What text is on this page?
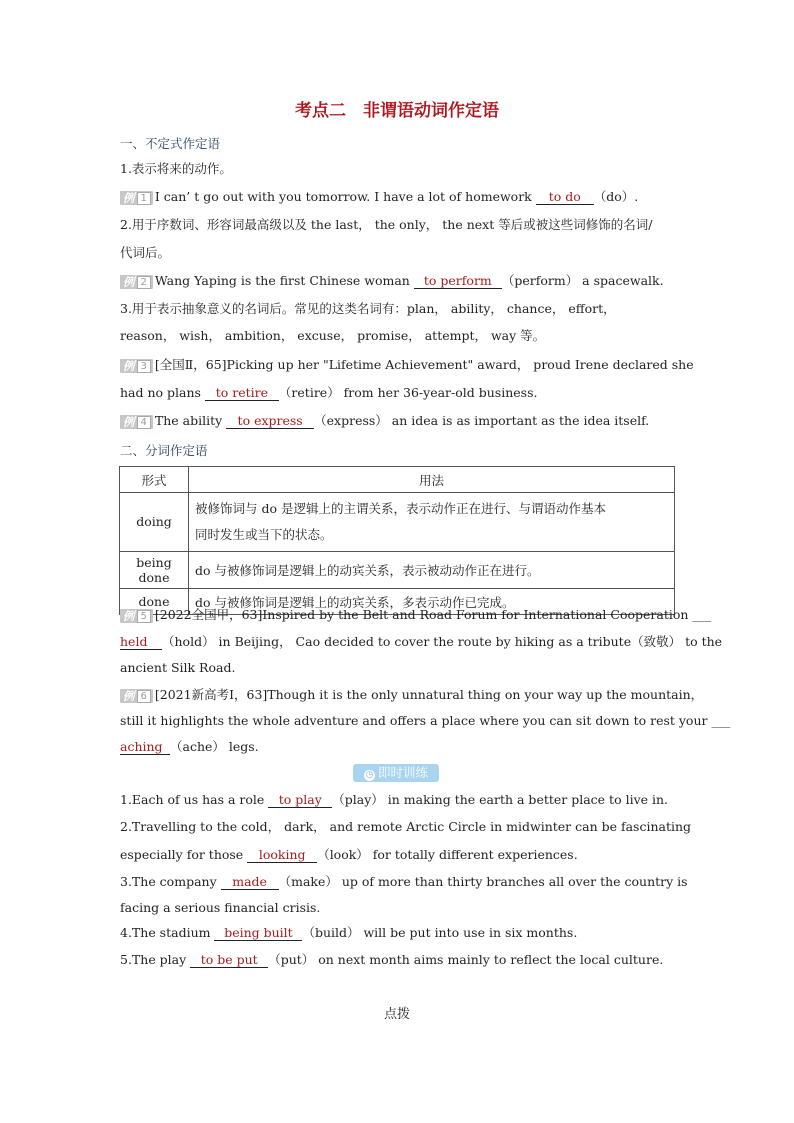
考点二　非谓语动词作定语
一、不定式作定语
1.表示将来的动作。
例 1 I can’ t go out with you tomorrow. I have a lot of homework to do （do）.
2.用于序数词、形容词最高级以及 the last， the only， the next 等后或被这些词修饰的名词/
代词后。
例 2 Wang Yaping is the first Chinese woman to perform （perform） a spacewalk.
3.用于表示抽象意义的名词后。常见的这类名词有：plan， ability， chance， effort，
reason， wish， ambition， excuse， promise， attempt， way 等。
例 3 [全国Ⅱ，65]Picking up her "Lifetime Achievement" award， proud Irene declared she
had no plans to retire （retire） from her 36-year-old business.
例 4 The ability to express （express） an idea is as important as the idea itself.
二、分词作定语
形式	用法
doing	被修饰词与 do 是逻辑上的主谓关系，表示动作正在进行、与谓语动作基本
同时发生或当下的状态。
being done	do 与被修饰词是逻辑上的动宾关系，表示被动动作正在进行。
done	do 与被修饰词是逻辑上的动宾关系，多表示动作已完成。
例 5 [2022全国甲，63]Inspired by the Belt and Road Forum for International Cooperation ___
held （hold） in Beijing， Cao decided to cover the route by hiking as a tribute（致敬） to the
ancient Silk Road.
例 6 [2021新高考Ⅰ，63]Though it is the only unnatural thing on your way up the mountain，
still it highlights the whole adventure and offers a place where you can sit down to rest your ___
aching （ache） legs.
◷ 即时训练
1.Each of us has a role to play （play） in making the earth a better place to live in.
2.Travelling to the cold， dark， and remote Arctic Circle in midwinter can be fascinating
especially for those looking （look） for totally different experiences.
3.The company made （make） up of more than thirty branches all over the country is
facing a serious financial crisis.
4.The stadium being built （build） will be put into use in six months.
5.The play to be put （put） on next month aims mainly to reflect the local culture.
点拨
